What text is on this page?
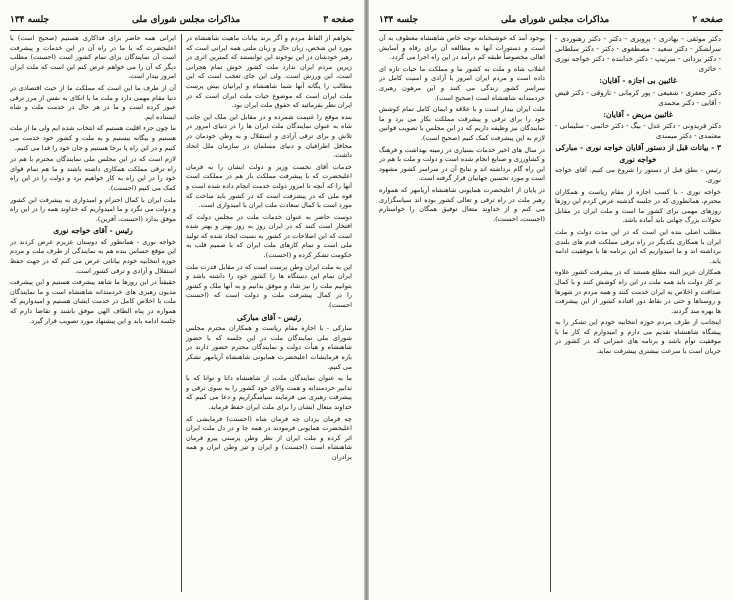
صفحه ۳
مذاکرات مجلس شورای ملی
جلسه ۱۳۴

بخواهم از الفاظ مردم و اگر برند بیانات ماهیت شاهنشاه در مورد این شخص، زبان حال و زبان ملتی همه ایرانی است که رهبر خودشان در این نوخوند این توانستند که کمترین اثری در زیرین مردم ایران ندارد ملت کشور خوش تمام هجرانی است، این ورزش است. ولی این جای تعجب است که این مطالب را یگانه آنها شما شاهنشاه و ایرانیان بیش پرست ملت ایران است که موضوع حیات ملت ایران است که در ایران نظر بفرمائید که حقوق ملت ایران بود.

بنده موقع را غنیمت شمرده و در مقابل این ملک این جانب شاه به عنوان نمایندگان ملت ایران ها را در دنیای امروز در تلاش و برای ترقی آزادی و استقلال و به وطن خودمان در محافل اطرافیان و دنیای مسلمان در سازمان ملل اتحاد داشت.

خدمات آقای نخست وزیر و دولت ایشان را به فرمان اعلیحضرت که با پیشرفت مملکت باز هم در مملکت است آنها را که آنچه تا امروز دولت خدمت انجام داده شده است و قوه ملی که در پیشرفت است که در کشور باید ساخت که مورد است با کمال سعادت ملت ایران با امیدواری است.

دوست حاضر به عنوان خدمات ملت در مجلس دولت که افتخار است کنند که در ایران روز به روز بهتر و بهتر شده است که این اصلاحات در کشور به نسبت ایجاد شده که تولید ملی است و تمام کارهای ملت ایران که با صمیم قلب به حکومت تشکر کرده و (احسنت).

این به ملت ایران وطن پرست است که در مقابل قدرت ملت ایران تمام این دستگاه ها را کشور خود را داشته باشد و بتوانیم ملت را نیز شاد و موفق بدانیم و به آنها ملک و کشور را در کمال پیشرفت ملت و دولت است که (احسنت احسنت).

رئیس - آقای مبارکی

مبارکی - با اجازه مقام ریاست و همکاران محترم مجلس شورای ملی نمایندگان ملت در این جلسه که با حضور شاهنشاه و هیأت دولت و نمایندگان محترم حضور دارند در باره فرمایشات اعلیحضرت همایونی شاهنشاه آریامهر تشکر می کنیم.

ما به عنوان نمایندگان ملت، از شاهنشاه دانا و توانا که با تدابیر خردمندانه و همت والای خود کشور را به سوی ترقی و پیشرفت رهبری می فرمایند سپاسگزاریم و دعا می کنیم که خداوند متعال ایشان را برای ملت ایران حفظ فرماید.

چه فرمان یزدان چه فرمان شاه (احسنت) فرمایشی که اعلیحضرت همایونی فرمودند در همه جا و در دل ملت ایران اثر کرده و ملت ایران از نظر وطن پرستی پیرو فرمان شاهنشاه است (احسنت) و ایران و تیز وطن ایران و همه برادران

ایرانی همه حاضر برای فداکاری هستیم (صحیح است) با اعلیحضرت که با ما در راه آن در این خدمات و پیشرفت است آن نمایندگان برای تمام کشور است (احسنت) مطلب دیگر که آن را می خواهم عرض کنم این است که ملت ایران امروز بیدار است.

آن از طرف ما این است که مملکت ما از حیث اقتصادی در دنیا مقام مهمی دارد و ملت ما با اتکای به نفس از مرز ترقی عبور کرده است و ما در هر حال در خدمت ملت و شاه ایستاده ایم.

ما چون جزء اقلیت هستیم که انتخاب شده ایم ولی ما از ملت هستیم و بیگانه نیستیم و به ملت و کشور خود خدمت می کنیم و در این راه پا برجا هستیم و جان خود را فدا می کنیم.

لازم است که در این مجلس ملی نمایندگان محترم با هم در راه ترقی مملکت همکاری داشته باشند و ما هم تمام قوای خود را در این راه به کار خواهیم برد و دولت را در این راه کمک می کنیم (احسنت).

ملت ایران با کمال احترام و امیدواری به پیشرفت این کشور و دولت می نگرد و ما امیدواریم که خداوند همه را در این راه موفق بدارد (احسنت، آفرین).

رئیس - آقای خواجه نوری

خواجه نوری - همانطور که دوستان عزیزم عرض کردند در این موقع حساس بنده هم به نمایندگی از طرف ملت و مردم حوزه انتخابیه خودم بیاناتی عرض می کنم که در جهت حفظ استقلال و آزادی و ترقی کشور است.

حقیقتاً در این روزها ما شاهد پیشرفت هستیم و این پیشرفت مدیون رهبری های خردمندانه شاهنشاه است و ما نمایندگان ملت با اخلاص کامل در خدمت ایشان هستیم و امیدواریم که همواره در پناه الطاف الهی موفق باشند و تقاضا دارم که جلسه ادامه یابد و این پیشنهاد مورد تصویب قرار گیرد.

صفحه ۲
مذاکرات مجلس شورای ملی
جلسه ۱۳۴

دکتر موثقی - بهادری - پرویزی - دکتر - دکتر رهنوردی - سرلشکر - دکتر سعید - مصطفوی - دکتر - دکتر سلطانی - دکتر یزدانی - سرتیپ - دکتر خدابنده - دکتر خواجه نوری - حائری

غائبین بی اجازه - آقایان:

دکتر جعفری - شفیعی - پور کرمانی - تاروقی - دکتر فیض - آقایی - دکتر محمدی

غائبین مریض - آقایان:

دکتر فریدونی - دکتر عدل - بیگ - دکتر حاتمی - سلیمانی - معتمدی - دکتر میمندی

۳ - بیانات قبل از دستور آقایان خواجه نوری - مبارکی

خواجه نوری

رئیس - نطق قبل از دستور را شروع می کنیم. آقای خواجه نوری.

خواجه نوری - با کسب اجازه از مقام ریاست و همکاران محترم، همانطوری که در جلسه گذشته عرض کردم این روزها روزهای مهمی برای کشور ما است و ملت ایران در مقابل تحولات بزرگ جهانی باید آماده باشد.

مطلب اصلی بنده این است که در این مدت دولت و ملت ایران با همکاری یکدیگر در راه ترقی مملکت قدم های بلندی برداشته اند و ما امیدواریم که این برنامه ها با موفقیت ادامه یابد.

همکاران عزیز البته مطلع هستند که در پیشرفت کشور علاوه بر کار دولت باید همه ملت در این راه کوشش کنند و با کمال صداقت و اخلاص به ایران خدمت کنند و همه مردم در شهرها و روستاها و حتی در نقاط دور افتاده کشور از این پیشرفت ها بهره مند گردند.

اینجانب از طرف مردم حوزه انتخابیه خودم این تشکر را به پیشگاه شاهنشاه تقدیم می دارم و امیدوارم که کار ما با موفقیت توأم باشد و برنامه های عمرانی که در کشور در جریان است با سرعت بیشتری پیشرفت نماید.

بوجود آمد که خوشبختانه توجه خاص شاهنشاه معطوف به آن است و دستورات آنها به مطالعه آن برای رفاه و آسایش اهالی مخصوصاً طبقه کم درآمد در این راه اجرا می گردد.

انقلاب شاه و ملت به کشور ما و مملکت ما حیات تازه ای داده است و مردم ایران امروز با آزادی و امنیت کامل در سراسر کشور زندگی می کنند و این مرهون رهبری خردمندانه شاهنشاه است (صحیح است).

ملت ایران بیدار است و با علاقه و ایمان کامل تمام کوشش خود را برای ترقی و پیشرفت مملکت بکار می برد و ما نمایندگان نیز وظیفه داریم که در این مجلس با تصویب قوانین لازم به این پیشرفت کمک کنیم (صحیح است).

در سال های اخیر خدمات بسیاری در زمینه بهداشت و فرهنگ و کشاورزی و صنایع انجام شده است و دولت و ملت با هم در این راه گام برداشته اند و نتایج آن در سراسر کشور مشهود است و مورد تحسین جهانیان قرار گرفته است.

در پایان از اعلیحضرت همایونی شاهنشاه آریامهر که همواره رهبر ملت در راه ترقی و تعالی کشور بوده اند سپاسگزاری می کنم و از خداوند متعال توفیق همگان را خواستارم (احسنت، احسنت).
